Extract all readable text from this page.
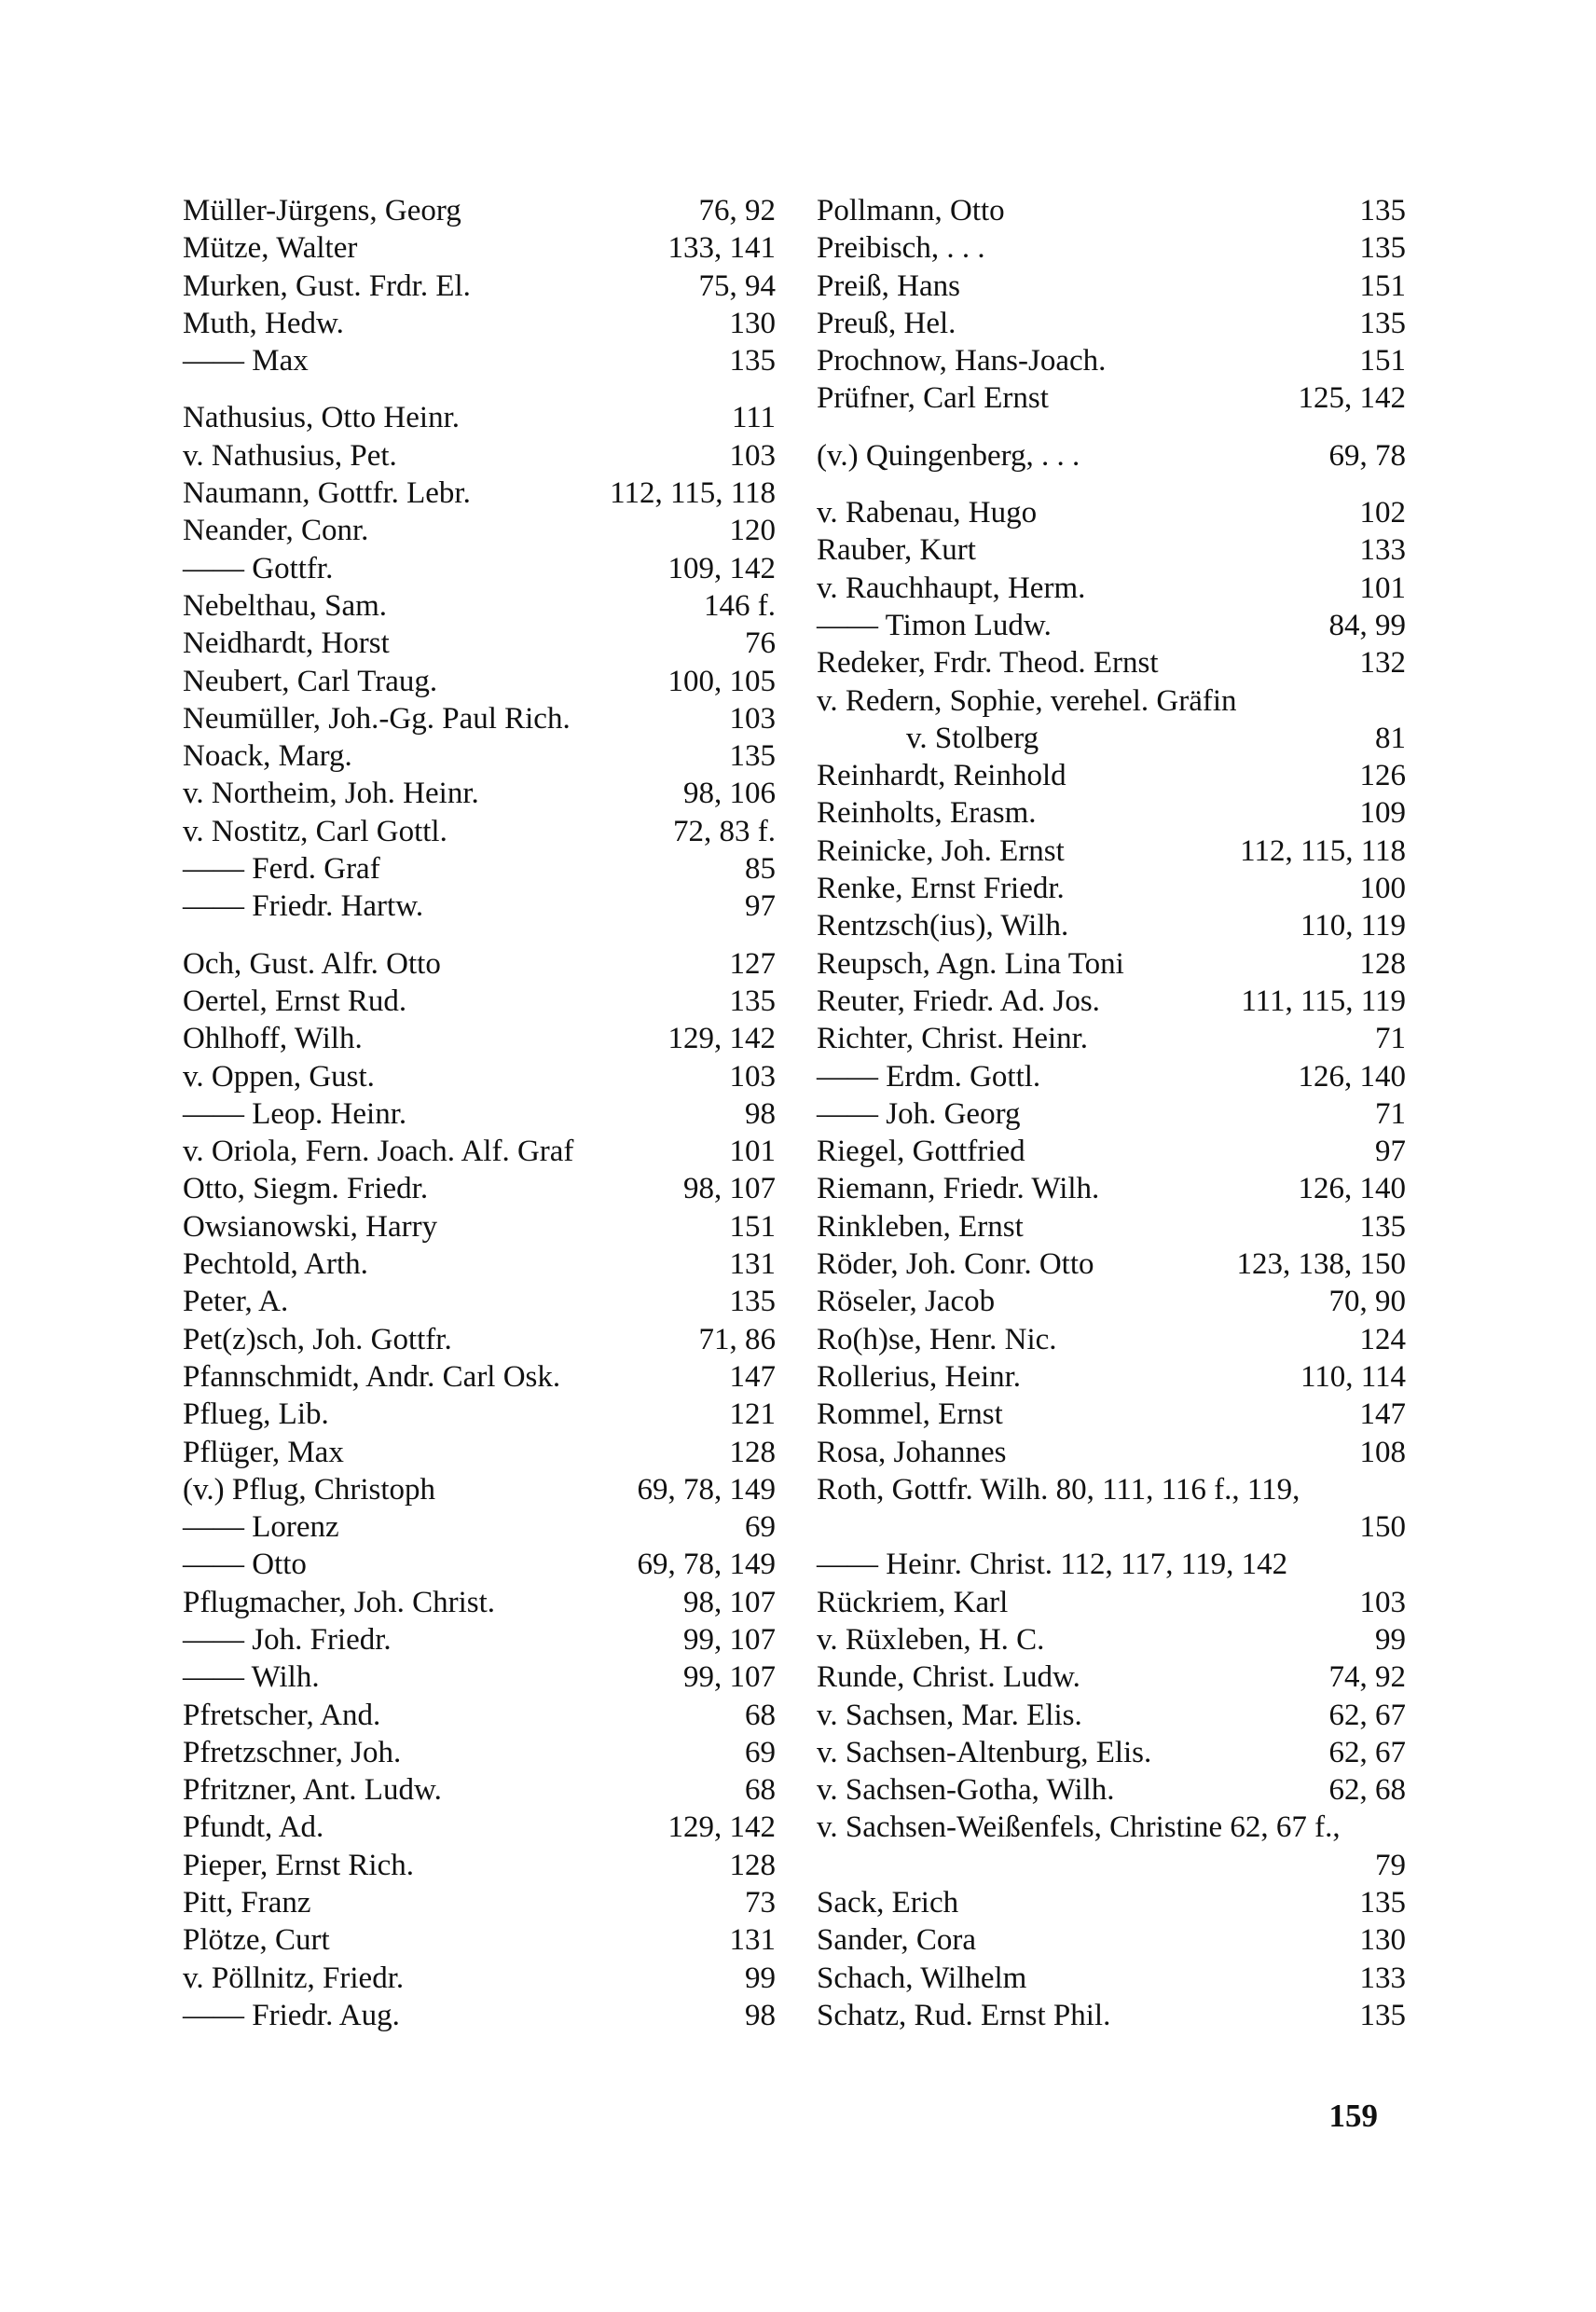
Müller-Jürgens, Georg	76, 92
Mütze, Walter	133, 141
Murken, Gust. Frdr. El.	75, 94
Muth, Hedw.	130
—— Max	135
Nathusius, Otto Heinr.	111
v. Nathusius, Pet.	103
Naumann, Gottfr. Lebr.	112, 115, 118
Neander, Conr.	120
—— Gottfr.	109, 142
Nebelthau, Sam.	146 f.
Neidhardt, Horst	76
Neubert, Carl Traug.	100, 105
Neumüller, Joh.-Gg. Paul Rich.	103
Noack, Marg.	135
v. Northeim, Joh. Heinr.	98, 106
v. Nostitz, Carl Gottl.	72, 83 f.
—— Ferd. Graf	85
—— Friedr. Hartw.	97
Och, Gust. Alfr. Otto	127
Oertel, Ernst Rud.	135
Ohlhoff, Wilh.	129, 142
v. Oppen, Gust.	103
—— Leop. Heinr.	98
v. Oriola, Fern. Joach. Alf. Graf	101
Otto, Siegm. Friedr.	98, 107
Owsianowski, Harry	151
Pechtold, Arth.	131
Peter, A.	135
Pet(z)sch, Joh. Gottfr.	71, 86
Pfannschmidt, Andr. Carl Osk.	147
Pflueg, Lib.	121
Pflüger, Max	128
(v.) Pflug, Christoph	69, 78, 149
—— Lorenz	69
—— Otto	69, 78, 149
Pflugmacher, Joh. Christ.	98, 107
—— Joh. Friedr.	99, 107
—— Wilh.	99, 107
Pfretscher, And.	68
Pfretzschner, Joh.	69
Pfritzner, Ant. Ludw.	68
Pfundt, Ad.	129, 142
Pieper, Ernst Rich.	128
Pitt, Franz	73
Plötze, Curt	131
v. Pöllnitz, Friedr.	99
—— Friedr. Aug.	98
Pollmann, Otto	135
Preibisch, . . .	135
Preiß, Hans	151
Preuß, Hel.	135
Prochnow, Hans-Joach.	151
Prüfner, Carl Ernst	125, 142
(v.) Quingenberg, . . .	69, 78
v. Rabenau, Hugo	102
Rauber, Kurt	133
v. Rauchhaupt, Herm.	101
—— Timon Ludw.	84, 99
Redeker, Frdr. Theod. Ernst	132
v. Redern, Sophie, verehel. Gräfin
v. Stolberg	81
Reinhardt, Reinhold	126
Reinholts, Erasm.	109
Reinicke, Joh. Ernst	112, 115, 118
Renke, Ernst Friedr.	100
Rentzsch(ius), Wilh.	110, 119
Reupsch, Agn. Lina Toni	128
Reuter, Friedr. Ad. Jos.	111, 115, 119
Richter, Christ. Heinr.	71
—— Erdm. Gottl.	126, 140
—— Joh. Georg	71
Riegel, Gottfried	97
Riemann, Friedr. Wilh.	126, 140
Rinkleben, Ernst	135
Röder, Joh. Conr. Otto	123, 138, 150
Röseler, Jacob	70, 90
Ro(h)se, Henr. Nic.	124
Rollerius, Heinr.	110, 114
Rommel, Ernst	147
Rosa, Johannes	108
Roth, Gottfr. Wilh. 80, 111, 116 f., 119,
150
—— Heinr. Christ. 112, 117, 119, 142
Rückriem, Karl	103
v. Rüxleben, H. C.	99
Runde, Christ. Ludw.	74, 92
v. Sachsen, Mar. Elis.	62, 67
v. Sachsen-Altenburg, Elis.	62, 67
v. Sachsen-Gotha, Wilh.	62, 68
v. Sachsen-Weißenfels, Christine 62, 67 f.,
79
Sack, Erich	135
Sander, Cora	130
Schach, Wilhelm	133
Schatz, Rud. Ernst Phil.	135
159
